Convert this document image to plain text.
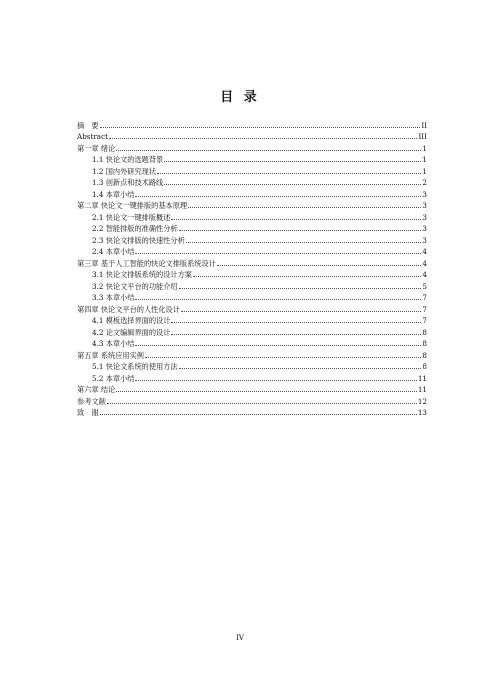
目 录
摘　要	II
Abstract	III
第一章 绪论	1
1.1 快论文的选题背景	1
1.2 国内外研究现状	1
1.3 创新点和技术路线	2
1.4 本章小结	3
第二章 快论文一键排版的基本原理	3
2.1 快论文一键排版概述	3
2.2 智能排版的准确性分析	3
2.3 快论文排版的快速性分析	3
2.4 本章小结	4
第三章 基于人工智能的快论文排版系统设计	4
3.1 快论文排版系统的设计方案	4
3.2 快论文平台的功能介绍	5
3.3 本章小结	7
第四章 快论文平台的人性化设计	7
4.1 模板选择界面的设计	7
4.2 论文编辑界面的设计	8
4.3 本章小结	8
第五章 系统应用实例	8
5.1 快论文系统的使用方法	8
5.2 本章小结	11
第六章 结论	11
参考文献	12
致　谢	13
IV
